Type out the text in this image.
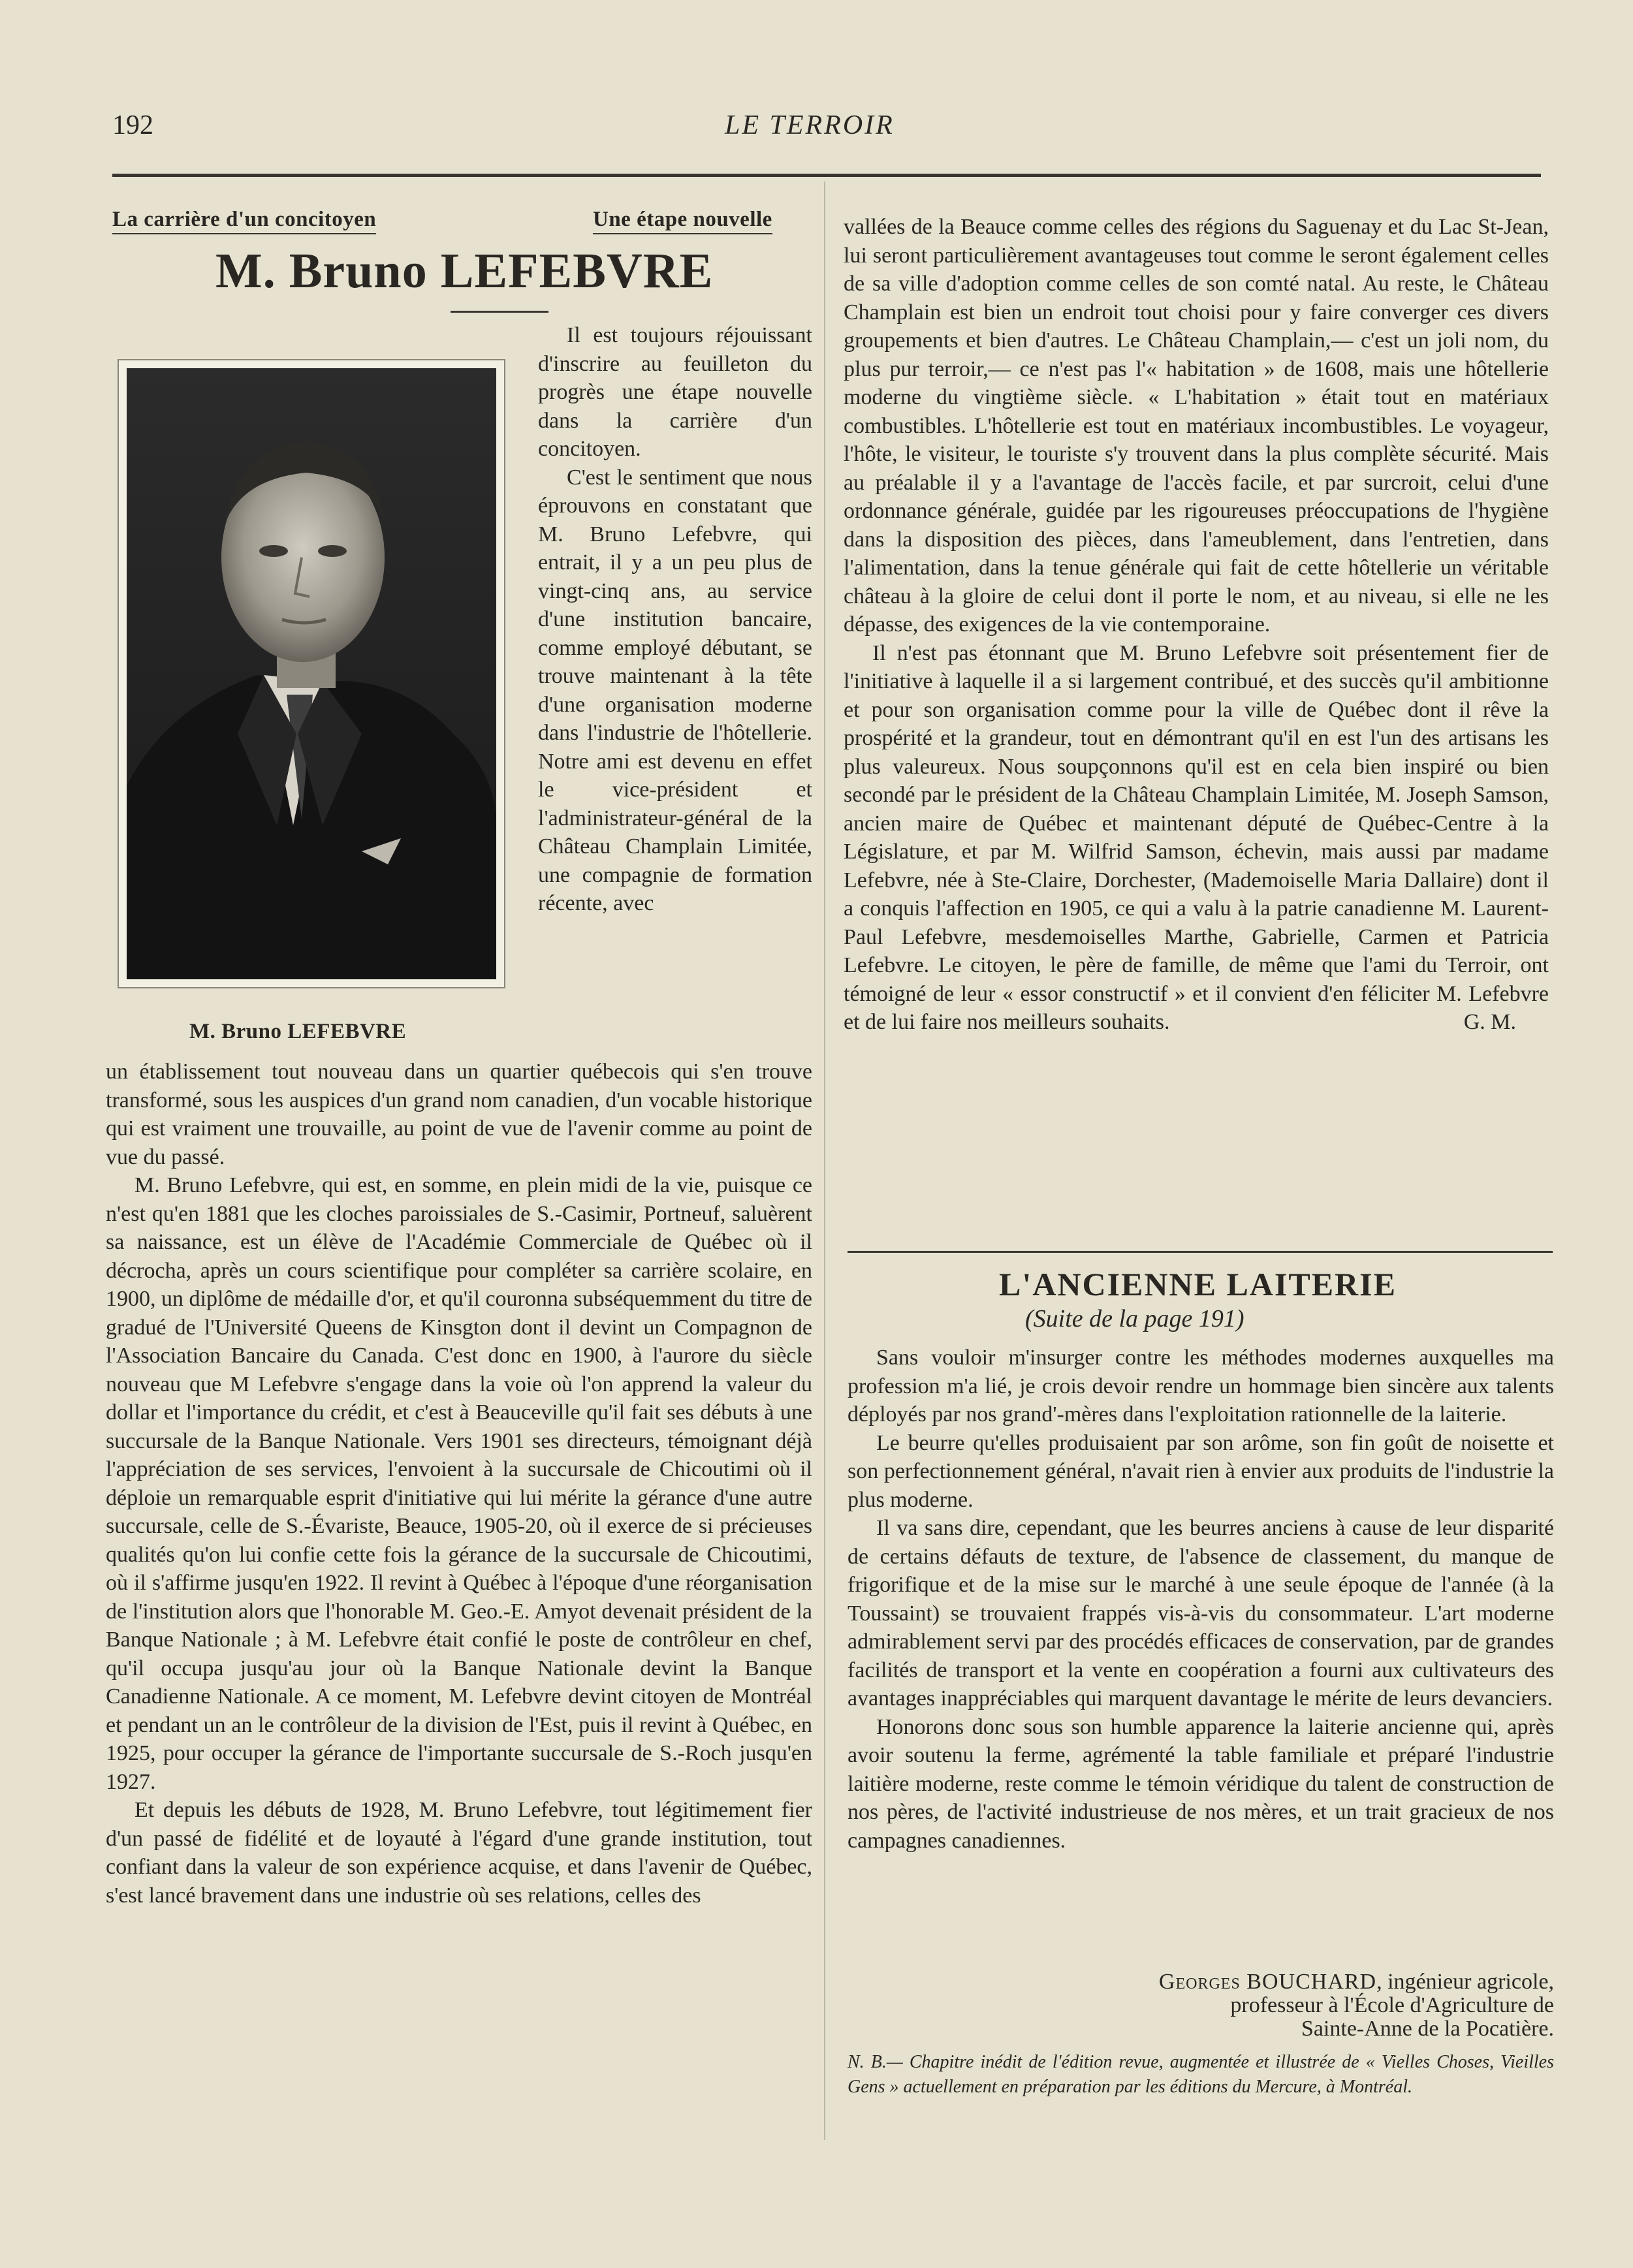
192	LE TERROIR
La carrière d'un concitoyen	Une étape nouvelle
M. Bruno LEFEBVRE
M. Bruno LEFEBVRE

Il est toujours réjouissant d'inscrire au feuilleton du progrès une étape nouvelle dans la carrière d'un concitoyen.

C'est le sentiment que nous éprouvons en constatant que M. Bruno Lefebvre, qui entrait, il y a un peu plus de vingt-cinq ans, au service d'une institution bancaire, comme employé débutant, se trouve maintenant à la tête d'une organisation moderne dans l'industrie de l'hôtellerie. Notre ami est devenu en effet le vice-président et l'administrateur-général de la Château Champlain Limitée, une compagnie de formation récente, avec

un établissement tout nouveau dans un quartier québecois qui s'en trouve transformé, sous les auspices d'un grand nom canadien, d'un vocable historique qui est vraiment une trouvaille, au point de vue de l'avenir comme au point de vue du passé.

M. Bruno Lefebvre, qui est, en somme, en plein midi de la vie, puisque ce n'est qu'en 1881 que les cloches paroissiales de S.-Casimir, Portneuf, saluèrent sa naissance, est un élève de l'Académie Commerciale de Québec où il décrocha, après un cours scientifique pour compléter sa carrière scolaire, en 1900, un diplôme de médaille d'or, et qu'il couronna subséquemment du titre de gradué de l'Université Queens de Kinsgton dont il devint un Compagnon de l'Association Bancaire du Canada. C'est donc en 1900, à l'aurore du siècle nouveau que M Lefebvre s'engage dans la voie où l'on apprend la valeur du dollar et l'importance du crédit, et c'est à Beauceville qu'il fait ses débuts à une succursale de la Banque Nationale. Vers 1901 ses directeurs, témoignant déjà l'appréciation de ses services, l'envoient à la succursale de Chicoutimi où il déploie un remarquable esprit d'initiative qui lui mérite la gérance d'une autre succursale, celle de S.-Évariste, Beauce, 1905-20, où il exerce de si précieuses qualités qu'on lui confie cette fois la gérance de la succursale de Chicoutimi, où il s'affirme jusqu'en 1922. Il revint à Québec à l'époque d'une réorganisation de l'institution alors que l'honorable M. Geo.-E. Amyot devenait président de la Banque Nationale ; à M. Lefebvre était confié le poste de contrôleur en chef, qu'il occupa jusqu'au jour où la Banque Nationale devint la Banque Canadienne Nationale. A ce moment, M. Lefebvre devint citoyen de Montréal et pendant un an le contrôleur de la division de l'Est, puis il revint à Québec, en 1925, pour occuper la gérance de l'importante succursale de S.-Roch jusqu'en 1927.

Et depuis les débuts de 1928, M. Bruno Lefebvre, tout légitimement fier d'un passé de fidélité et de loyauté à l'égard d'une grande institution, tout confiant dans la valeur de son expérience acquise, et dans l'avenir de Québec, s'est lancé bravement dans une industrie où ses relations, celles des

vallées de la Beauce comme celles des régions du Saguenay et du Lac St-Jean, lui seront particulièrement avantageuses tout comme le seront également celles de sa ville d'adoption comme celles de son comté natal. Au reste, le Château Champlain est bien un endroit tout choisi pour y faire converger ces divers groupements et bien d'autres. Le Château Champlain,— c'est un joli nom, du plus pur terroir,— ce n'est pas l'« habitation » de 1608, mais une hôtellerie moderne du vingtième siècle. « L'habitation » était tout en matériaux combustibles. L'hôtellerie est tout en matériaux incombustibles. Le voyageur, l'hôte, le visiteur, le touriste s'y trouvent dans la plus complète sécurité. Mais au préalable il y a l'avantage de l'accès facile, et par surcroit, celui d'une ordonnance générale, guidée par les rigoureuses préoccupations de l'hygiène dans la disposition des pièces, dans l'ameublement, dans l'entretien, dans l'alimentation, dans la tenue générale qui fait de cette hôtellerie un véritable château à la gloire de celui dont il porte le nom, et au niveau, si elle ne les dépasse, des exigences de la vie contemporaine.

Il n'est pas étonnant que M. Bruno Lefebvre soit présentement fier de l'initiative à laquelle il a si largement contribué, et des succès qu'il ambitionne et pour son organisation comme pour la ville de Québec dont il rêve la prospérité et la grandeur, tout en démontrant qu'il en est l'un des artisans les plus valeureux. Nous soupçonnons qu'il est en cela bien inspiré ou bien secondé par le président de la Château Champlain Limitée, M. Joseph Samson, ancien maire de Québec et maintenant député de Québec-Centre à la Législature, et par M. Wilfrid Samson, échevin, mais aussi par madame Lefebvre, née à Ste-Claire, Dorchester, (Mademoiselle Maria Dallaire) dont il a conquis l'affection en 1905, ce qui a valu à la patrie canadienne M. Laurent-Paul Lefebvre, mesdemoiselles Marthe, Gabrielle, Carmen et Patricia Lefebvre. Le citoyen, le père de famille, de même que l'ami du Terroir, ont témoigné de leur « essor constructif » et il convient d'en féliciter M. Lefebvre et de lui faire nos meilleurs souhaits.	G. M.

L'ANCIENNE LAITERIE
(Suite de la page 191)

Sans vouloir m'insurger contre les méthodes modernes auxquelles ma profession m'a lié, je crois devoir rendre un hommage bien sincère aux talents déployés par nos grand'-mères dans l'exploitation rationnelle de la laiterie.

Le beurre qu'elles produisaient par son arôme, son fin goût de noisette et son perfectionnement général, n'avait rien à envier aux produits de l'industrie la plus moderne.

Il va sans dire, cependant, que les beurres anciens à cause de leur disparité de certains défauts de texture, de l'absence de classement, du manque de frigorifique et de la mise sur le marché à une seule époque de l'année (à la Toussaint) se trouvaient frappés vis-à-vis du consommateur. L'art moderne admirablement servi par des procédés efficaces de conservation, par de grandes facilités de transport et la vente en coopération a fourni aux cultivateurs des avantages inappréciables qui marquent davantage le mérite de leurs devanciers.

Honorons donc sous son humble apparence la laiterie ancienne qui, après avoir soutenu la ferme, agrémenté la table familiale et préparé l'industrie laitière moderne, reste comme le témoin véridique du talent de construction de nos pères, de l'activité industrieuse de nos mères, et un trait gracieux de nos campagnes canadiennes.

Georges BOUCHARD, ingénieur agricole,
professeur à l'École d'Agriculture de
Sainte-Anne de la Pocatière.
N. B.— Chapitre inédit de l'édition revue, augmentée et illustrée de « Vielles Choses, Vieilles Gens » actuellement en préparation par les éditions du Mercure, à Montréal.
